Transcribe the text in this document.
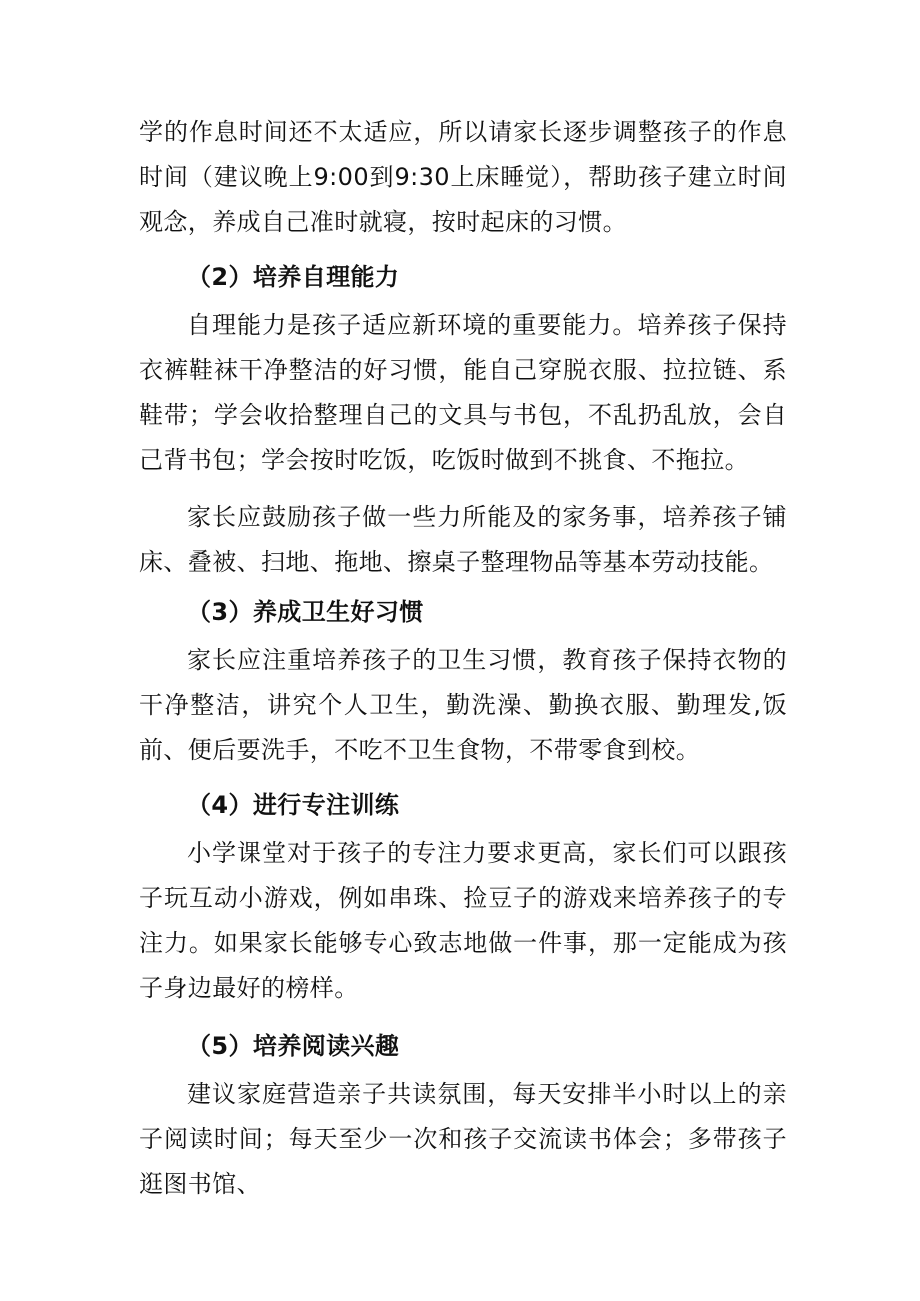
学的作息时间还不太适应，所以请家长逐步调整孩子的作息时间（建议晚上9:00到9:30上床睡觉），帮助孩子建立时间观念，养成自己准时就寝，按时起床的习惯。
（2）培养自理能力
自理能力是孩子适应新环境的重要能力。培养孩子保持衣裤鞋袜干净整洁的好习惯，能自己穿脱衣服、拉拉链、系鞋带；学会收拾整理自己的文具与书包，不乱扔乱放，会自己背书包；学会按时吃饭，吃饭时做到不挑食、不拖拉。
家长应鼓励孩子做一些力所能及的家务事，培养孩子铺床、叠被、扫地、拖地、擦桌子整理物品等基本劳动技能。
（3）养成卫生好习惯
家长应注重培养孩子的卫生习惯，教育孩子保持衣物的干净整洁，讲究个人卫生，勤洗澡、勤换衣服、勤理发,饭前、便后要洗手，不吃不卫生食物，不带零食到校。
（4）进行专注训练
小学课堂对于孩子的专注力要求更高，家长们可以跟孩子玩互动小游戏，例如串珠、捡豆子的游戏来培养孩子的专注力。如果家长能够专心致志地做一件事，那一定能成为孩子身边最好的榜样。
（5）培养阅读兴趣
建议家庭营造亲子共读氛围，每天安排半小时以上的亲子阅读时间；每天至少一次和孩子交流读书体会；多带孩子逛图书馆、
